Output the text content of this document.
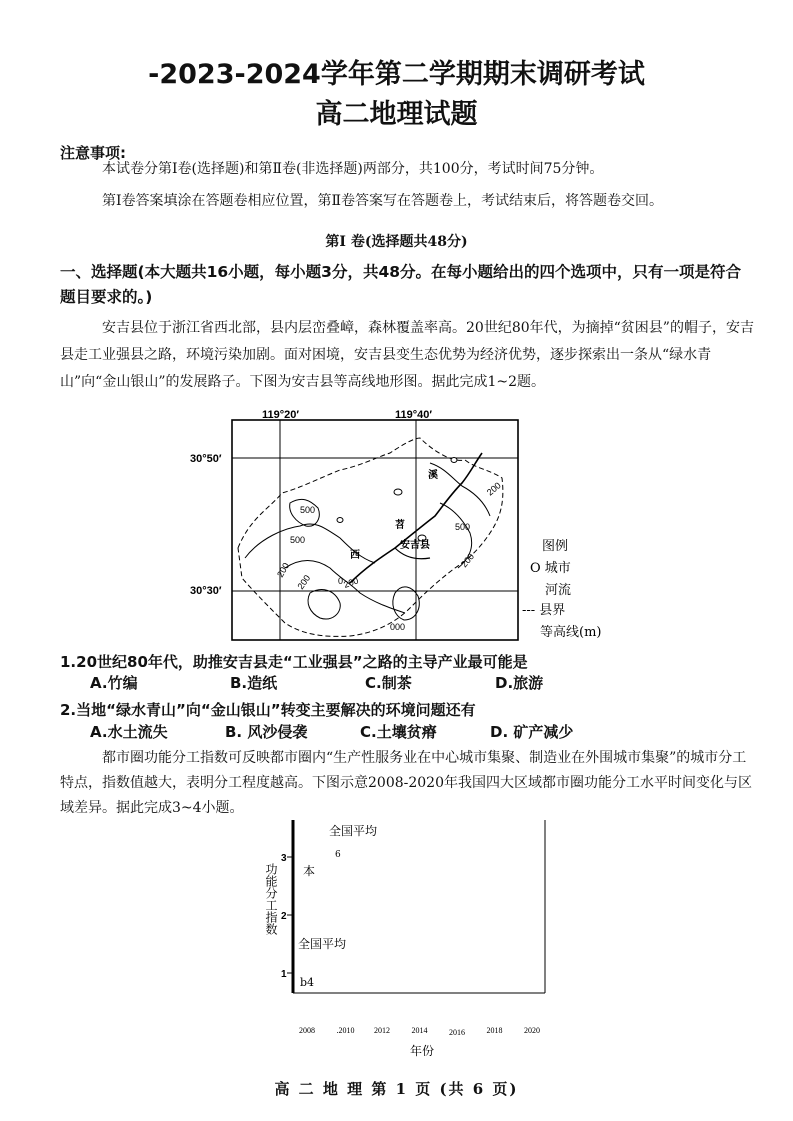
-2023-2024学年第二学期期末调研考试
高二地理试题
注意事项:
本试卷分第Ⅰ卷(选择题)和第Ⅱ卷(非选择题)两部分，共100分，考试时间75分钟。
第Ⅰ卷答案填涂在答题卷相应位置，第Ⅱ卷答案写在答题卷上，考试结束后，将答题卷交回。
第Ⅰ 卷(选择题共48分)
一、选择题(本大题共16小题，每小题3分，共48分。在每小题给出的四个选项中，只有一项是符合题目要求的。)
安吉县位于浙江省西北部，县内层峦叠嶂，森林覆盖率高。20世纪80年代，为摘掉“贫困县”的帽子，安吉县走工业强县之路，环境污染加剧。面对困境，安吉县变生态优势为经济优势，逐步探索出一条从“绿水青山”向“金山银山”的发展路子。下图为安吉县等高线地形图。据此完成1~2题。
119°20′	119°40′
30°50′
30°30′
500
200
200
500
200	0 200
200
500
000
溪
苕
西
安吉县	图例
O 城市
河流
--- 县界
等高线(m)
1.20世纪80年代，助推安吉县走“工业强县”之路的主导产业最可能是
A.竹编	B.造纸	C.制茶	D.旅游
2.当地“绿水青山”向“金山银山”转变主要解决的环境问题还有
A.水土流失	B. 风沙侵袭	C.土壤贫瘠	D. 矿产减少
都市圈功能分工指数可反映都市圈内“生产性服务业在中心城市集聚、制造业在外围城市集聚”的城市分工特点，指数值越大，表明分工程度越高。下图示意2008-2020年我国四大区域都市圈功能分工水平时间变化与区域差异。据此完成3~4小题。
3
2
1
功能分工指数
全国平均
6
本
全国平均
b4
2008	.2010 2012	2014	2016	2018	2020
年份
高 二 地 理 第 1 页 (共 6 页)
